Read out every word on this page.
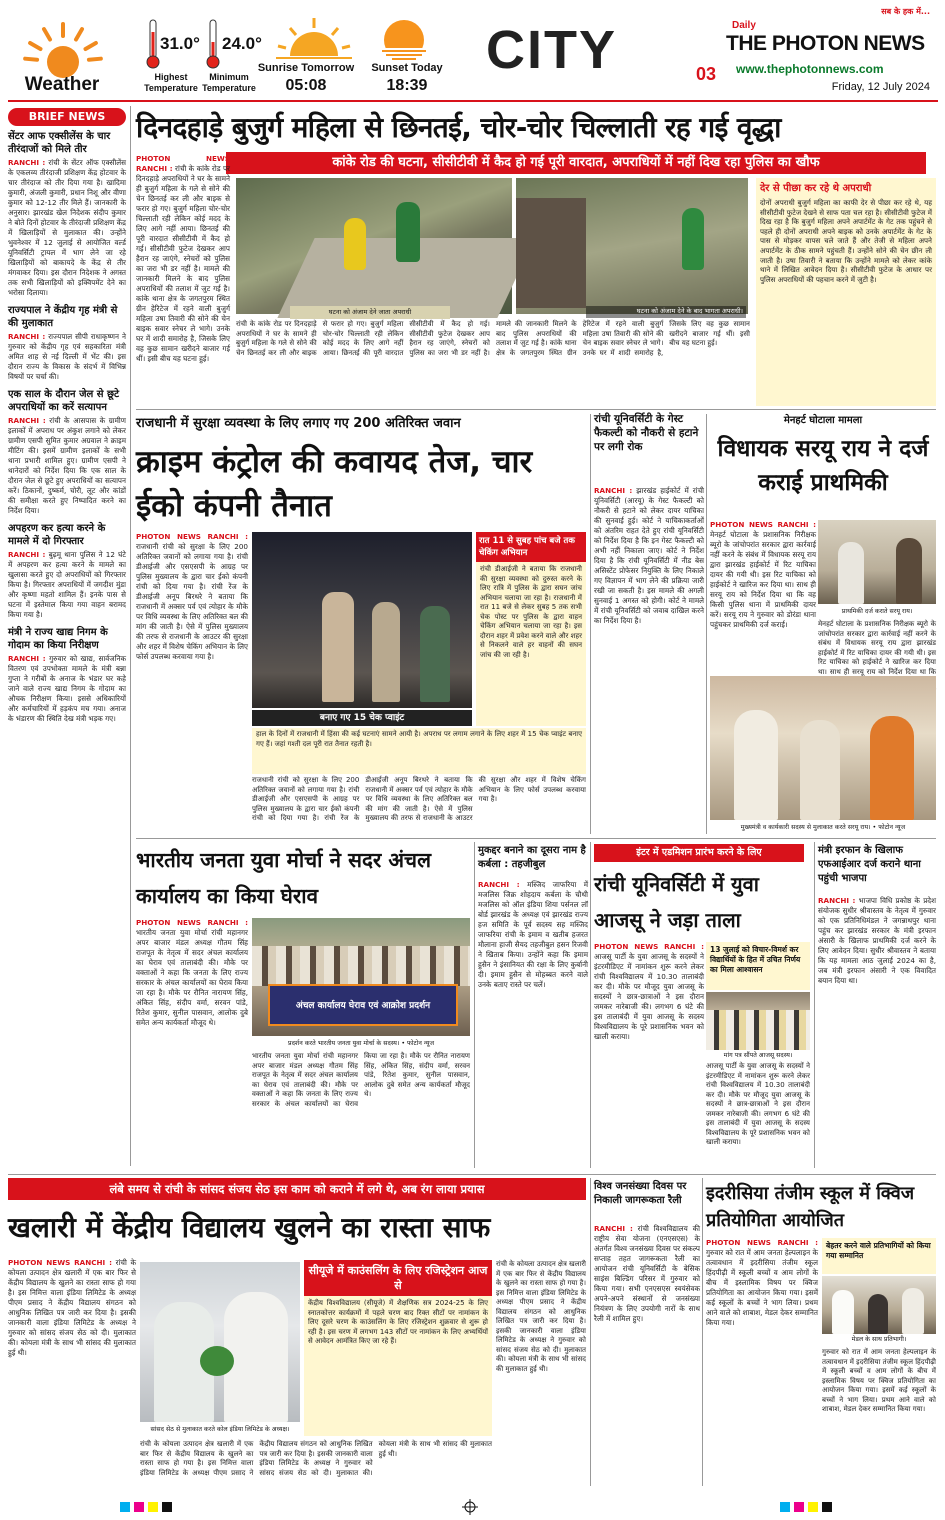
Weather
31.0°
Highest Temperature
24.0°
Minimum Temperature
Sunrise Tomorrow
05:08
Sunset Today
18:39
CITY
सब के हक में...
Daily
THE PHOTON NEWS
03	www.thephotonnews.com
Friday, 12 July 2024
BRIEF NEWS
सेंटर आफ एक्सीलेंस के चार तीरंदाजों को मिले तीर
RANCHI : रांची के सेंटर ऑफ एक्सीलेंस के एकलव्य तीरंदाजी प्रशिक्षण केंद्र होटवार के चार तीरंदाज को तीर दिया गया है। खादिमा कुमारी, अंजली कुमारी, प्रधान निशू और वीणा कुमार को 12-12 तीर मिले हैं। जानकारी के अनुसार। झारखंड खेल निदेशक संदीप कुमार ने बोते दिनों होटवार के तीरंदाजी प्रशिक्षण केंद्र में खिलाड़ियों से मुलाकात की। उन्होंने भुवनेश्वर में 12 जुलाई से आयोजित वर्ल्ड यूनिवर्सिटी ट्रायल में भाग लेने जा रहे खिलाड़ियों को बाकायदे के केंद्र से तीर मंगवाकर दिया। इस दौरान निदेशक ने अगस्त तक सभी खिलाड़ियों को इक्विपमेंट देने का भरोसा दिलाया।
राज्यपाल ने केंद्रीय गृह मंत्री से की मुलाकात
RANCHI : राज्यपाल सीपी राधाकृष्णन ने गुरुवार को केंद्रीय गृह एवं सहकारिता मंत्री अमित शाह से नई दिल्ली में भेंट की। इस दौरान राज्य के विकास के संदर्भ में विभिन्न विषयों पर चर्चा की।
एक साल के दौरान जेल से छूटे अपराधियों का करें सत्यापन
RANCHI : रांची के आसपास के ग्रामीण इलाकों में अपराध पर अंकुश लगाने को लेकर ग्रामीण एसपी सुमित कुमार अग्रवाल ने क्राइम मीटिंग की। इसमें ग्रामीण इलाकों के सभी थाना प्रभारी शामिल हुए। ग्रामीण एसपी ने थानेदारों को निर्देश दिया कि एक साल के दौरान जेल से छूटे हुए अपराधियों का सत्यापन करें। ठिकानों, दुष्कर्म, चोरी, लूट और कांडों की समीक्षा करते हुए निष्पादित करने का निर्देश दिया।
अपहरण कर हत्या करने के मामले में दो गिरफ्तार
RANCHI : बुढ़मू थाना पुलिस ने 12 घंटे में अपहरण कर हत्या करने के मामले का खुलासा करते हुए दो अपराधियों को गिरफ्तार किया है। गिरफ्तार अपराधियों में जगदीश मुंडा और कृष्णा महतो शामिल हैं। इनके पास से घटना में इस्तेमाल किया गया वाहन बरामद किया गया है।
मंत्री ने राज्य खाद्य निगम के गोदाम का किया निरीक्षण
RANCHI : गुरुवार को खाद्य, सार्वजनिक वितरण एवं उपभोक्ता मामले के मंत्री बन्ना गुप्ता ने गरीबों के अनाज के भंडार घर कहे जाने वाले राज्य खाद्य निगम के गोदाम का औचक निरीक्षण किया। इससे अधिकारियों और कर्मचारियों में हड़कंप मच गया। अनाज के भंडारण की स्थिति देख मंत्री भड़क गए।
दिनदहाड़े बुजुर्ग महिला से छिनतई, चोर-चोर चिल्लाती रह गई वृद्धा
कांके रोड की घटना, सीसीटीवी में कैद हो गई पूरी वारदात, अपराधियों में नहीं दिख रहा पुलिस का खौफ
PHOTON NEWS RANCHI : रांची के कांके रोड पर दिनदहाड़े अपराधियों ने घर के सामने ही बुजुर्ग महिला के गले से सोने की चेन छिनतई कर ली और बाइक से फरार हो गए। बुजुर्ग महिला चोर-चोर चिल्लाती रही लेकिन कोई मदद के लिए आगे नहीं आया। छिनतई की पूरी वारदात सीसीटीवी में कैद हो गई। सीसीटीवी फुटेज देखकर आप हैरान रह जाएंगे, स्नेचरों को पुलिस का जरा भी डर नहीं है। मामले की जानकारी मिलने के बाद पुलिस अपराधियों की तलाश में जुट गई है। कांके थाना क्षेत्र के जगतपुरम स्थित ग्रीन हेरिटेज में रहने वाली बुजुर्ग महिला उषा तिवारी की सोने की चेन बाइक सवार स्नेचर ले भागे। उनके घर में शादी समारोह है, जिसके लिए वह कुछ सामान खरीदने बाजार गई थीं। इसी बीच यह घटना हुई।
घटना को अंजाम देने जाता अपराधी	घटना को अंजाम देने के बाद भागता अपराधी।
देर से पीछा कर रहे थे अपराधी
दोनों अपराधी बुजुर्ग महिला का काफी देर से पीछा कर रहे थे, यह सीसीटीवी फुटेज देखने से साफ पता चल रहा है। सीसीटीवी फुटेज में दिख रहा है कि बुजुर्ग महिला अपने अपार्टमेंट के गेट तक पहुंचने से पहले ही दोनों अपराधी अपने बाइक को उनके अपार्टमेंट के गेट के पास से मोड़कर वापस चले जाते हैं और तेजी से महिला अपने अपार्टमेंट के ठीक सामने पहुंचती हैं। उन्होंने सोने की चेन छीन ली जाती है। उषा तिवारी ने बताया कि उन्होंने मामले को लेकर कांके थाने में लिखित आवेदन दिया है। सीसीटीवी फुटेज के आधार पर पुलिस अपराधियों की पहचान करने में जुटी है।
रांची के कांके रोड पर दिनदहाड़े अपराधियों ने घर के सामने ही बुजुर्ग महिला के गले से सोने की चेन छिनतई कर ली और बाइक से फरार हो गए। बुजुर्ग महिला चोर-चोर चिल्लाती रही लेकिन कोई मदद के लिए आगे नहीं आया। छिनतई की पूरी वारदात सीसीटीवी में कैद हो गई। सीसीटीवी फुटेज देखकर आप हैरान रह जाएंगे, स्नेचरों को पुलिस का जरा भी डर नहीं है। मामले की जानकारी मिलने के बाद पुलिस अपराधियों की तलाश में जुट गई है। कांके थाना क्षेत्र के जगतपुरम स्थित ग्रीन हेरिटेज में रहने वाली बुजुर्ग महिला उषा तिवारी की सोने की चेन बाइक सवार स्नेचर ले भागे। उनके घर में शादी समारोह है, जिसके लिए वह कुछ सामान खरीदने बाजार गई थीं। इसी बीच यह घटना हुई।
राजधानी में सुरक्षा व्यवस्था के लिए लगाए गए 200 अतिरिक्त जवान
क्राइम कंट्रोल की कवायद तेज, चार ईको कंपनी तैनात
PHOTON NEWS RANCHI : राजधानी रांची को सुरक्षा के लिए 200 अतिरिक्त जवानों को लगाया गया है। रांची डीआईजी और एसएसपी के आग्रह पर पुलिस मुख्यालय के द्वारा चार ईको कंपनी रांची को दिया गया है। रांची रेंज के डीआईजी अनूप बिरथरे ने बताया कि राजधानी में अक्सर पर्व एवं त्योहार के मौके पर विधि व्यवस्था के लिए अतिरिक्त बल की मांग की जाती है। ऐसे में पुलिस मुख्यालय की तरफ से राजधानी के आउटर की सुरक्षा और शहर में विशेष चेकिंग अभियान के लिए फोर्स उपलब्ध करवाया गया है।
बनाए गए 15 चेक प्वाइंट
हाल के दिनों में राजधानी में हिंसा की कई घटनाएं सामने आयी है। अपराध पर लगाम लगाने के लिए शहर में 15 चेक प्वाइंट बनाए गए हैं। जहां गश्ती दल पूरी रात तैनात रहती है।
रात 11 से सुबह पांच बजे तक चेकिंग अभियान
रांची डीआईजी ने बताया कि राजधानी की सुरक्षा व्यवस्था को दुरुस्त करने के लिए रात्रि में पुलिस के द्वारा सघन जांच अभियान चलाया जा रहा है। राजधानी में रात 11 बजे से लेकर सुबह 5 तक सभी चेक पोस्ट पर पुलिस के द्वारा वाहन चेकिंग अभियान चलाया जा रहा है। इस दौरान शहर में प्रवेश करने वाले और शहर से निकलने वाले हर वाहनों की सघन जांच की जा रही है।
राजधानी रांची को सुरक्षा के लिए 200 अतिरिक्त जवानों को लगाया गया है। रांची डीआईजी और एसएसपी के आग्रह पर पुलिस मुख्यालय के द्वारा चार ईको कंपनी रांची को दिया गया है। रांची रेंज के डीआईजी अनूप बिरथरे ने बताया कि राजधानी में अक्सर पर्व एवं त्योहार के मौके पर विधि व्यवस्था के लिए अतिरिक्त बल की मांग की जाती है। ऐसे में पुलिस मुख्यालय की तरफ से राजधानी के आउटर की सुरक्षा और शहर में विशेष चेकिंग अभियान के लिए फोर्स उपलब्ध करवाया गया है।
रांची यूनिवर्सिटी के गेस्ट फैकल्टी को नौकरी से हटाने पर लगी रोक
RANCHI : झारखंड हाईकोर्ट में रांची यूनिवर्सिटी (आरयू) के गेस्ट फैकल्टी को नौकरी से हटाने को लेकर दायर याचिका की सुनवाई हुई। कोर्ट ने याचिकाकर्ताओं को अंतरिम राहत देते हुए रांची यूनिवर्सिटी को निर्देश दिया है कि इन गेस्ट फैकल्टी को अभी नहीं निकाला जाए। कोर्ट ने निर्देश दिया है कि रांची यूनिवर्सिटी में नीड बेस असिस्टेंट प्रोफेसर नियुक्ति के लिए निकाले गए विज्ञापन में भाग लेने की प्रक्रिया जारी रखी जा सकती है। इस मामले की अगली सुनवाई 1 अगस्त को होगी। कोर्ट ने मामले में रांची यूनिवर्सिटी को जवाब दाखिल करने का निर्देश दिया है।
मेनहर्ट घोटाला मामला
विधायक सरयू राय ने दर्ज कराई प्राथमिकी
PHOTON NEWS RANCHI : मेनहर्ट घोटाला के प्रशासनिक निरीक्षक ब्यूरो के जांचोपरांत सरकार द्वारा कार्रवाई नहीं करने के संबंध में विधायक सरयू राय द्वारा झारखंड हाईकोर्ट में रिट याचिका दायर की गयी थी। इस रिट याचिका को हाईकोर्ट ने खारिज कर दिया था। साथ ही सरयू राय को निर्देश दिया था कि वह किसी पुलिस थाना में प्राथमिकी दायर करें। सरयू राय ने गुरुवार को डोरंडा थाना पहुंचकर प्राथमिकी दर्ज कराई।
प्राथमिकी दर्ज कराते सरयू राय।
मेनहर्ट घोटाला के प्रशासनिक निरीक्षक ब्यूरो के जांचोपरांत सरकार द्वारा कार्रवाई नहीं करने के संबंध में विधायक सरयू राय द्वारा झारखंड हाईकोर्ट में रिट याचिका दायर की गयी थी। इस रिट याचिका को हाईकोर्ट ने खारिज कर दिया था। साथ ही सरयू राय को निर्देश दिया था कि
मुख्यमंत्री व कार्यकारी सदस्य से मुलाकात करते सरयू राय। • फोटोन न्यूज
भारतीय जनता युवा मोर्चा ने सदर अंचल कार्यालय का किया घेराव
PHOTON NEWS RANCHI : भारतीय जनता युवा मोर्चा रांची महानगर अपर बाजार मंडल अध्यक्ष गौतम सिंह राजपूत के नेतृत्व में सदर अंचल कार्यालय का घेराव एवं तालाबंदी की। मौके पर वक्ताओं ने कहा कि जनता के लिए राज्य सरकार के अंचल कार्यालयों का घेराव किया जा रहा है। मौके पर रौनित नारायण सिंह, अंकित सिंह, संदीप वर्मा, सरवन पांडे, रितेश कुमार, सुनील पासवान, आलोक दुबे समेत अन्य कार्यकर्ता मौजूद थे।
अंचल कार्यालय घेराव एवं आक्रोश प्रदर्शन
प्रदर्शन करते भारतीय जनता युवा मोर्चा के सदस्य। • फोटोन न्यूज
भारतीय जनता युवा मोर्चा रांची महानगर अपर बाजार मंडल अध्यक्ष गौतम सिंह राजपूत के नेतृत्व में सदर अंचल कार्यालय का घेराव एवं तालाबंदी की। मौके पर वक्ताओं ने कहा कि जनता के लिए राज्य सरकार के अंचल कार्यालयों का घेराव किया जा रहा है। मौके पर रौनित नारायण सिंह, अंकित सिंह, संदीप वर्मा, सरवन पांडे, रितेश कुमार, सुनील पासवान, आलोक दुबे समेत अन्य कार्यकर्ता मौजूद थे।
मुकद्दर बनाने का दूसरा नाम है कर्बला : तहजीबुल
RANCHI : मस्जिद जाफरिया में मजलिस जिक्र शोहदाय कर्बला के चौथी मजलिस को ऑल इंडिया शिया पर्सनल लॉ बोर्ड झारखंड के अध्यक्ष एवं झारखंड राज्य हज समिति के पूर्व सदस्य सह मस्जिद जाफरिया रांची के इमाम व खतीब हजरत मौलाना हाजी सैयद तहजीबुल हसन रिजवी ने खिताब किया। उन्होंने कहा कि इमाम हुसैन ने इंसानियत की रक्षा के लिए कुर्बानी दी। इमाम हुसैन से मोहब्बत करने वाले उनके बताए रास्ते पर चलें।
इंटर में एडमिशन प्रारंभ करने के लिए
रांची यूनिवर्सिटी में युवा आजसू ने जड़ा ताला
PHOTON NEWS RANCHI : आजसू पार्टी के युवा आजसू के सदस्यों ने इंटरमीडिएट में नामांकन शुरू करने लेकर रांची विश्वविद्यालय में 10.30 तालाबंदी कर दी। मौके पर मौजूद युवा आजसू के सदस्यों ने छात्र-छात्राओं ने इस दौरान जमकर नारेबाजी की। लगभग 6 घंटे की इस तालाबंदी में युवा आजसू के सदस्य विश्वविद्यालय के पूरे प्रशासनिक भवन को खाली कराया।
13 जुलाई को विचार-विमर्श कर विद्यार्थियों के हित में उचित निर्णय का मिला आश्वासन
मांग पत्र सौंपते आजसू सदस्य।
आजसू पार्टी के युवा आजसू के सदस्यों ने इंटरमीडिएट में नामांकन शुरू करने लेकर रांची विश्वविद्यालय में 10.30 तालाबंदी कर दी। मौके पर मौजूद युवा आजसू के सदस्यों ने छात्र-छात्राओं ने इस दौरान जमकर नारेबाजी की। लगभग 6 घंटे की इस तालाबंदी में युवा आजसू के सदस्य विश्वविद्यालय के पूरे प्रशासनिक भवन को खाली कराया।
मंत्री इरफान के खिलाफ एफआईआर दर्ज कराने थाना पहुंची भाजपा
RANCHI : भाजपा विधि प्रकोष्ठ के प्रदेश संयोजक सुधीर श्रीवास्तव के नेतृत्व में गुरुवार को एक प्रतिनिधिमंडल ने जगन्नाथपुर थाना पहुंच कर झारखंड सरकार के मंत्री इरफान अंसारी के खिलाफ प्राथमिकी दर्ज करने के लिए आवेदन दिया। सुधीर श्रीवास्तव ने बताया कि यह मामला आठ जुलाई 2024 का है, जब मंत्री इरफान अंसारी ने एक विवादित बयान दिया था।
लंबे समय से रांची के सांसद संजय सेठ इस काम को कराने में लगे थे, अब रंग लाया प्रयास
खलारी में केंद्रीय विद्यालय खुलने का रास्ता साफ
PHOTON NEWS RANCHI : रांची के कोयला उत्पादन क्षेत्र खलारी में एक बार फिर से केंद्रीय विद्यालय के खुलने का रास्ता साफ हो गया है। इस निमित्त वाला इंडिया लिमिटेड के अध्यक्ष पीएम प्रसाद ने केंद्रीय विद्यालय संगठन को आधुनिक लिखित पत्र जारी कर दिया है। इसकी जानकारी वाला इंडिया लिमिटेड के अध्यक्ष ने गुरुवार को सांसद संजय सेठ को दी। मुलाकात की। कोयला मंत्री के साथ भी सांसद की मुलाकात हुई थी।
सांसद सेठ से मुलाकात करते कोल इंडिया लिमिटेड के अध्यक्ष।
सीयूजे में काउंसलिंग के लिए रजिस्ट्रेशन आज से
केंद्रीय विश्वविद्यालय (सीयूजे) में शैक्षणिक सत्र 2024-25 के लिए स्नातकोत्तर कार्यक्रमों में पहले चरण बाद रिक्त सीटों पर नामांकन के लिए दूसरे चरण के काउंसलिंग के लिए रजिस्ट्रेशन शुक्रवार से शुरू हो रही है। इस चरण में लगभग 143 सीटों पर नामांकन के लिए अभ्यर्थियों से आवेदन आमंत्रित किए जा रहे हैं।
रांची के कोयला उत्पादन क्षेत्र खलारी में एक बार फिर से केंद्रीय विद्यालय के खुलने का रास्ता साफ हो गया है। इस निमित्त वाला इंडिया लिमिटेड के अध्यक्ष पीएम प्रसाद ने केंद्रीय विद्यालय संगठन को आधुनिक लिखित पत्र जारी कर दिया है। इसकी जानकारी वाला इंडिया लिमिटेड के अध्यक्ष ने गुरुवार को सांसद संजय सेठ को दी। मुलाकात की। कोयला मंत्री के साथ भी सांसद की मुलाकात हुई थी।
रांची के कोयला उत्पादन क्षेत्र खलारी में एक बार फिर से केंद्रीय विद्यालय के खुलने का रास्ता साफ हो गया है। इस निमित्त वाला इंडिया लिमिटेड के अध्यक्ष पीएम प्रसाद ने केंद्रीय विद्यालय संगठन को आधुनिक लिखित पत्र जारी कर दिया है। इसकी जानकारी वाला इंडिया लिमिटेड के अध्यक्ष ने गुरुवार को सांसद संजय सेठ को दी। मुलाकात की। कोयला मंत्री के साथ भी सांसद की मुलाकात हुई थी।
विश्व जनसंख्या दिवस पर निकाली जागरूकता रैली
RANCHI : रांची विश्वविद्यालय की राष्ट्रीय सेवा योजना (एनएसएस) के अंतर्गत विश्व जनसंख्या दिवस पर संकल्प सप्ताह तहत जागरूकता रैली का आयोजन रांची यूनिवर्सिटी के बेसिक साइंस बिल्डिंग परिसर में गुरुवार को किया गया। सभी एनएसएस स्वयंसेवक अपने-अपने संस्थानों से जनसंख्या नियंत्रण के लिए उपयोगी नारों के साथ रैली में शामिल हुए।
इदरीसिया तंजीम स्कूल में क्विज प्रतियोगिता आयोजित
PHOTON NEWS RANCHI : गुरुवार को रात में आम जनता हेल्पलाइन के तत्वावधान में इदरीसिया तंजीम स्कूल हिंदपीढ़ी में स्कूली बच्चों व आम लोगों के बीच में इस्लामिक विषय पर क्विज प्रतियोगिता का आयोजन किया गया। इसमें कई स्कूलों के बच्चों ने भाग लिया। प्रथम आने वाले को शाबाश, मेडल देकर सम्मानित किया गया।
बेहतर करने वाले प्रतिभागियों को किया गया सम्मानित
मेडल के साथ प्रतिभागी।
गुरुवार को रात में आम जनता हेल्पलाइन के तत्वावधान में इदरीसिया तंजीम स्कूल हिंदपीढ़ी में स्कूली बच्चों व आम लोगों के बीच में इस्लामिक विषय पर क्विज प्रतियोगिता का आयोजन किया गया। इसमें कई स्कूलों के बच्चों ने भाग लिया। प्रथम आने वाले को शाबाश, मेडल देकर सम्मानित किया गया।
